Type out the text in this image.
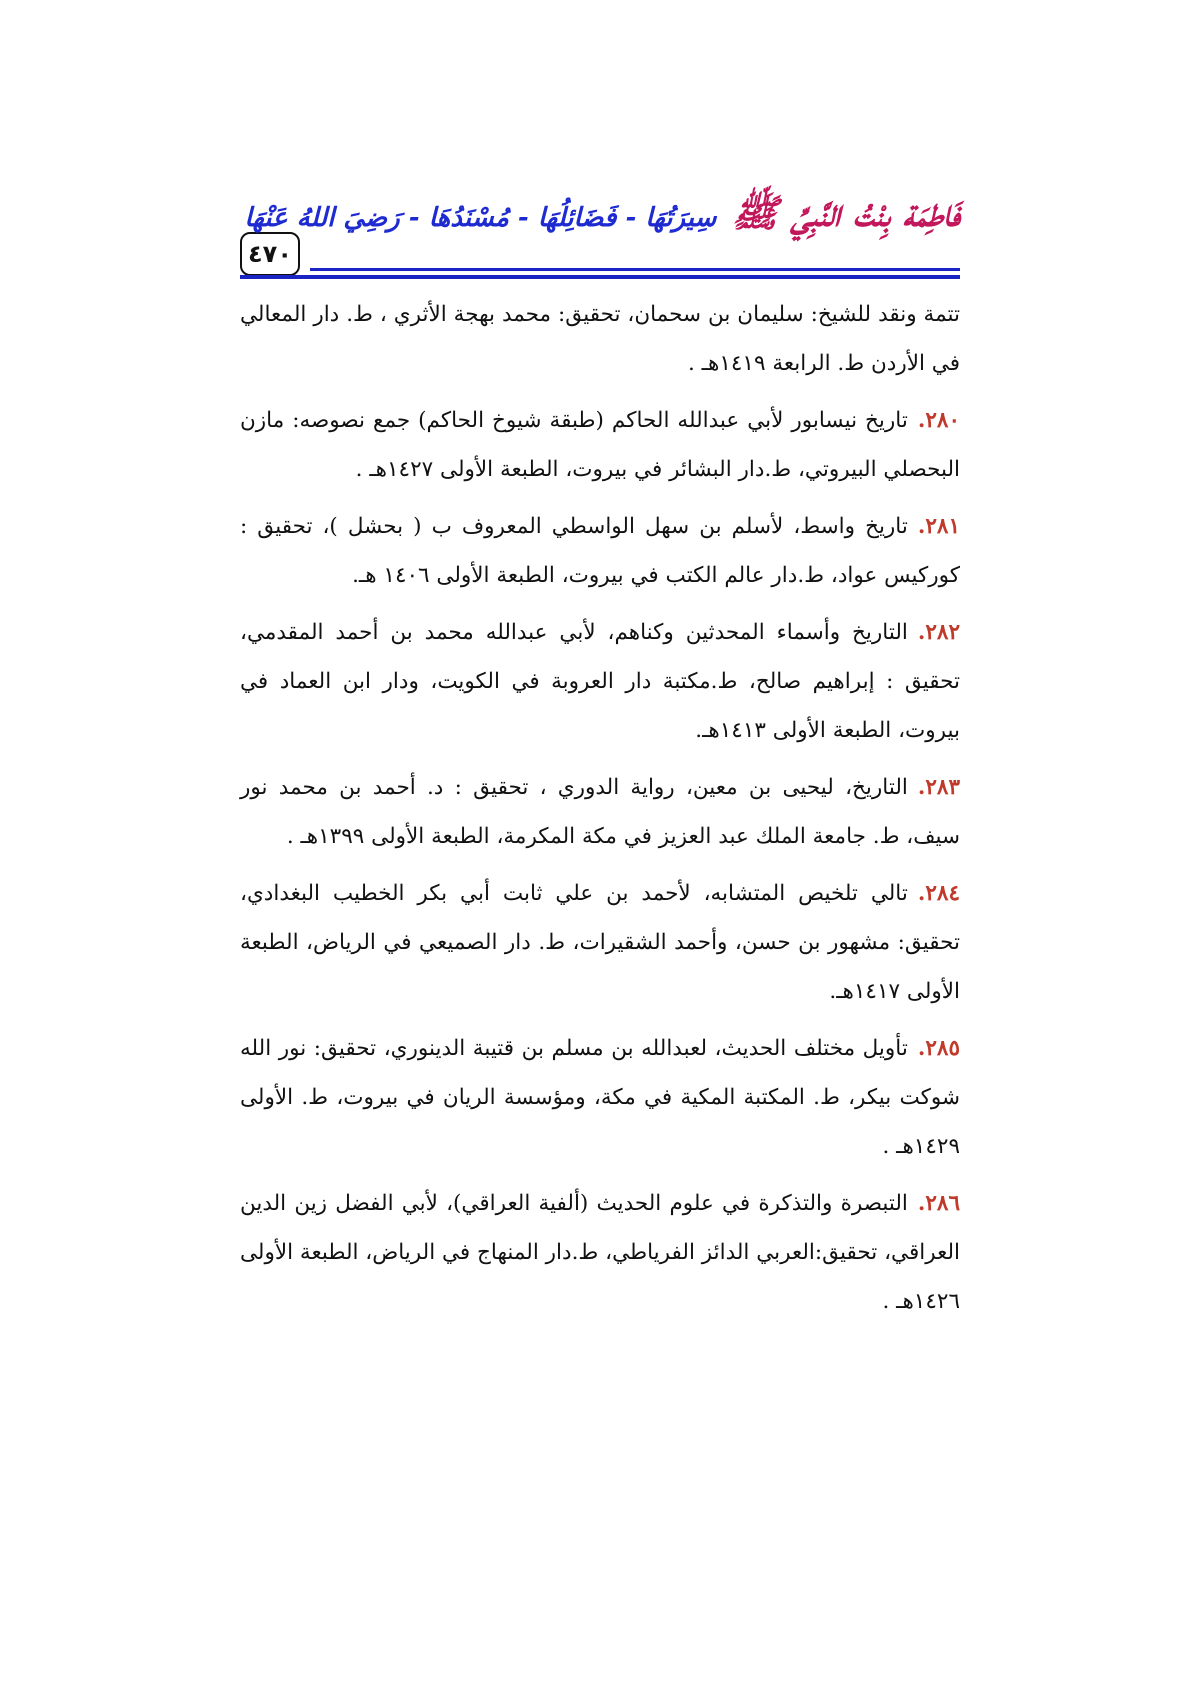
٤٧٠
فَاطِمَة بِنْتُ النَّبِيِّ ﷺ سِيرَتُهَا - فَضَائِلُهَا - مُسْنَدُهَا - رَضِيَ اللهُ عَنْهَا

تتمة ونقد للشيخ: سليمان بن سحمان، تحقيق: محمد بهجة الأثري ، ط. دار المعالي في الأردن ط. الرابعة ١٤١٩هـ .

٢٨٠.تاريخ نيسابور لأبي عبدالله الحاكم (طبقة شيوخ الحاكم) جمع نصوصه: مازن البحصلي البيروتي، ط.دار البشائر في بيروت، الطبعة الأولى ١٤٢٧هـ .

٢٨١.تاريخ واسط، لأسلم بن سهل الواسطي المعروف ب ( بحشل )، تحقيق : كوركيس عواد، ط.دار عالم الكتب في بيروت، الطبعة الأولى ١٤٠٦ هـ.

٢٨٢.التاريخ وأسماء المحدثين وكناهم، لأبي عبدالله محمد بن أحمد المقدمي، تحقيق : إبراهيم صالح، ط.مكتبة دار العروبة في الكويت، ودار ابن العماد في بيروت، الطبعة الأولى ١٤١٣هـ.

٢٨٣.التاريخ، ليحيى بن معين، رواية الدوري ، تحقيق : د. أحمد بن محمد نور سيف، ط. جامعة الملك عبد العزيز في مكة المكرمة، الطبعة الأولى ١٣٩٩هـ .

٢٨٤.تالي تلخيص المتشابه، لأحمد بن علي ثابت أبي بكر الخطيب البغدادي، تحقيق: مشهور بن حسن، وأحمد الشقيرات، ط. دار الصميعي في الرياض، الطبعة الأولى ١٤١٧هـ.

٢٨٥.تأويل مختلف الحديث، لعبدالله بن مسلم بن قتيبة الدينوري، تحقيق: نور الله شوكت بيكر، ط. المكتبة المكية في مكة، ومؤسسة الريان في بيروت، ط. الأولى ١٤٢٩هـ .

٢٨٦.التبصرة والتذكرة في علوم الحديث (ألفية العراقي)، لأبي الفضل زين الدين العراقي، تحقيق:العربي الدائز الفرياطي، ط.دار المنهاج في الرياض، الطبعة الأولى ١٤٢٦هـ .
